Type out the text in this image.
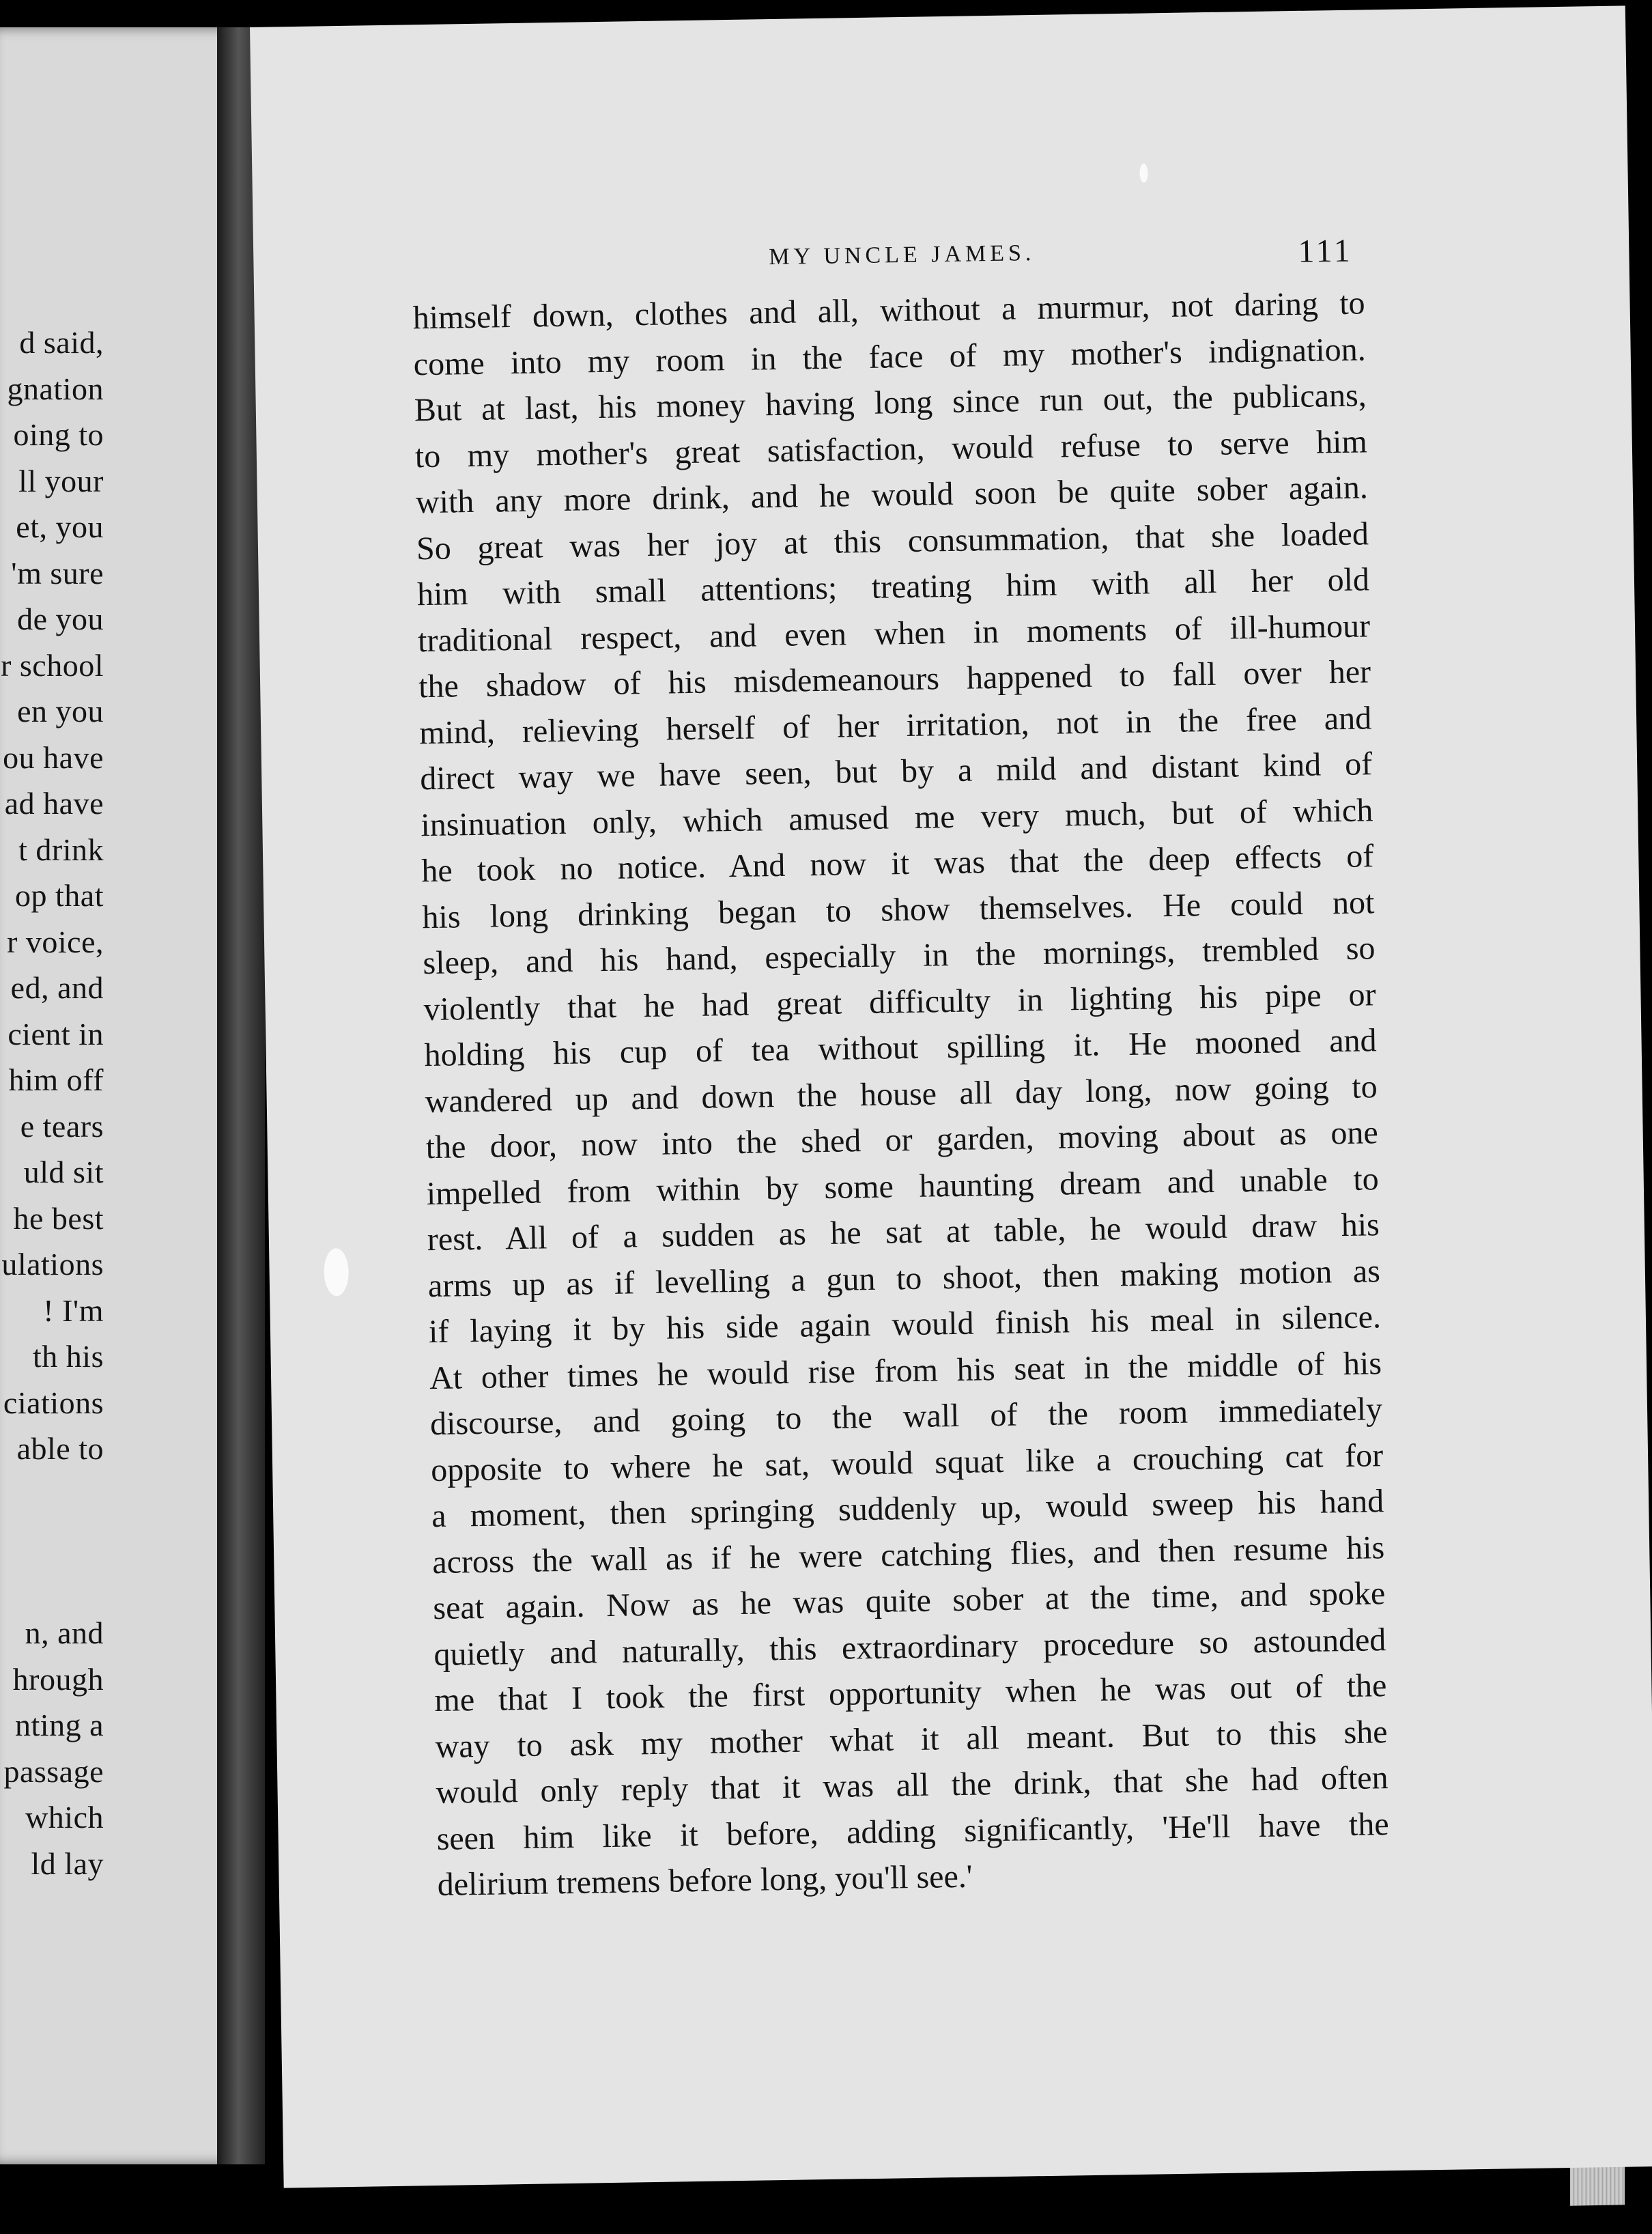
d said,
gnation
oing to
ll your
et, you
'm sure
de you
r school
en you
ou have
ad have
t drink
op that
r voice,
ed, and
cient in
him off
e tears
uld sit
he best
ulations
! I'm
th his
ciations
able to
n, and
hrough
nting a
passage
which
ld lay
MY UNCLE JAMES.	111
himself down, clothes and all, without a murmur, not daring to
come into my room in the face of my mother's indignation.
But at last, his money having long since run out, the publicans,
to my mother's great satisfaction, would refuse to serve him
with any more drink, and he would soon be quite sober again.
So great was her joy at this consummation, that she loaded
him with small attentions; treating him with all her old
traditional respect, and even when in moments of ill-humour
the shadow of his misdemeanours happened to fall over her
mind, relieving herself of her irritation, not in the free and
direct way we have seen, but by a mild and distant kind of
insinuation only, which amused me very much, but of which
he took no notice. And now it was that the deep effects of
his long drinking began to show themselves. He could not
sleep, and his hand, especially in the mornings, trembled so
violently that he had great difficulty in lighting his pipe or
holding his cup of tea without spilling it. He mooned and
wandered up and down the house all day long, now going to
the door, now into the shed or garden, moving about as one
impelled from within by some haunting dream and unable to
rest. All of a sudden as he sat at table, he would draw his
arms up as if levelling a gun to shoot, then making motion as
if laying it by his side again would finish his meal in silence.
At other times he would rise from his seat in the middle of his
discourse, and going to the wall of the room immediately
opposite to where he sat, would squat like a crouching cat for
a moment, then springing suddenly up, would sweep his hand
across the wall as if he were catching flies, and then resume his
seat again. Now as he was quite sober at the time, and spoke
quietly and naturally, this extraordinary procedure so astounded
me that I took the first opportunity when he was out of the
way to ask my mother what it all meant. But to this she
would only reply that it was all the drink, that she had often
seen him like it before, adding significantly, 'He'll have the
delirium tremens before long, you'll see.'
